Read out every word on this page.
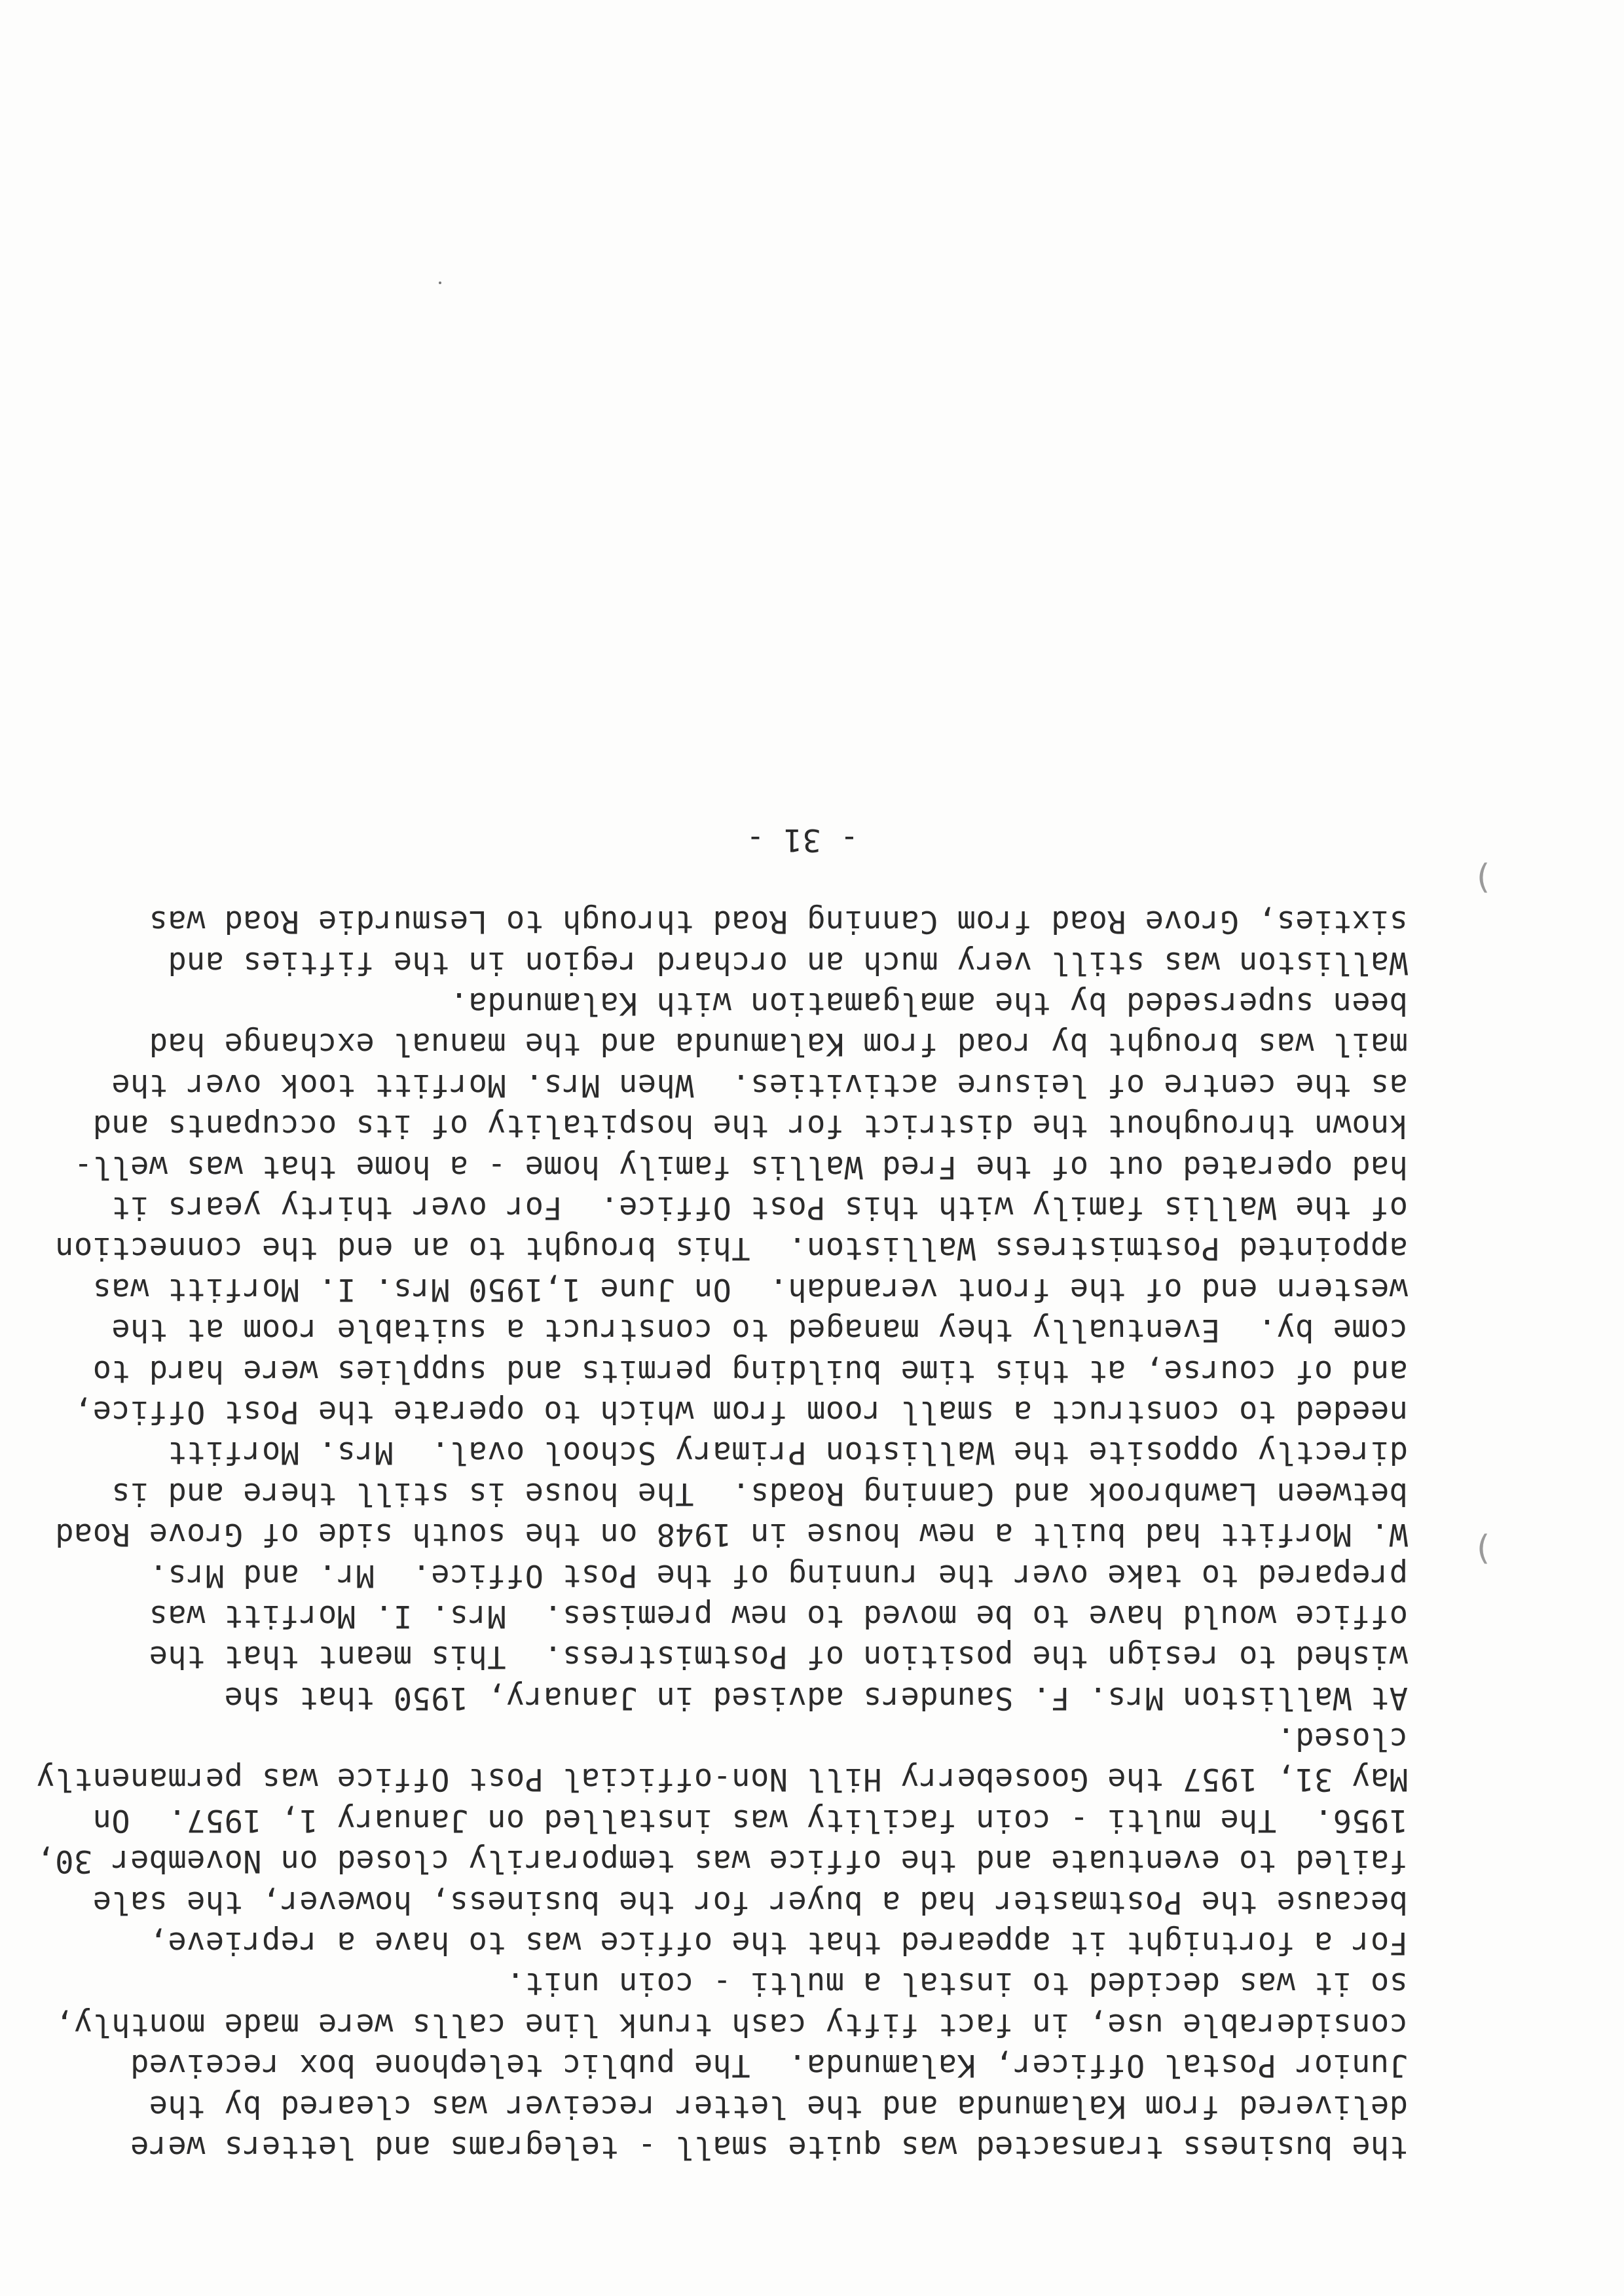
(
(
the business transacted was quite small - telegrams and letters were
delivered from Kalamunda and the letter receiver was cleared by the
Junior Postal Officer, Kalamunda.  The public telephone box received
considerable use, in fact fifty cash trunk line calls were made monthly,
so it was decided to instal a multi - coin unit.
For a fortnight it appeared that the office was to have a reprieve,
because the Postmaster had a buyer for the business, however, the sale
failed to eventuate and the office was temporarily closed on November 30,
1956.  The multi - coin facility was installed on January 1, 1957.  On
May 31, 1957 the Gooseberry Hill Non-official Post Office was permanently
closed.
At Walliston Mrs. F. Saunders advised in January, 1950 that she
wished to resign the position of Postmistress.  This meant that the
office would have to be moved to new premises.  Mrs. I. Morfitt was
prepared to take over the running of the Post Office.  Mr. and Mrs.
W. Morfitt had built a new house in 1948 on the south side of Grove Road
between Lawnbrook and Canning Roads.  The house is still there and is
directly opposite the Walliston Primary School oval.  Mrs. Morfitt
needed to construct a small room from which to operate the Post Office,
and of course, at this time building permits and supplies were hard to
come by.  Eventually they managed to construct a suitable room at the
western end of the front verandah.  On June 1,1950 Mrs. I. Morfitt was
appointed Postmistress Walliston.  This brought to an end the connection
of the Wallis family with this Post Office.  For over thirty years it
had operated out of the Fred Wallis family home - a home that was well-
known throughout the district for the hospitality of its occupants and
as the centre of leisure activities.  When Mrs. Morfitt took over the
mail was brought by road from Kalamunda and the manual exchange had
been superseded by the amalgamation with Kalamunda.
Walliston was still very much an orchard region in the fifties and
sixties, Grove Road from Canning Road through to Lesmurdie Road was
- 31 -
